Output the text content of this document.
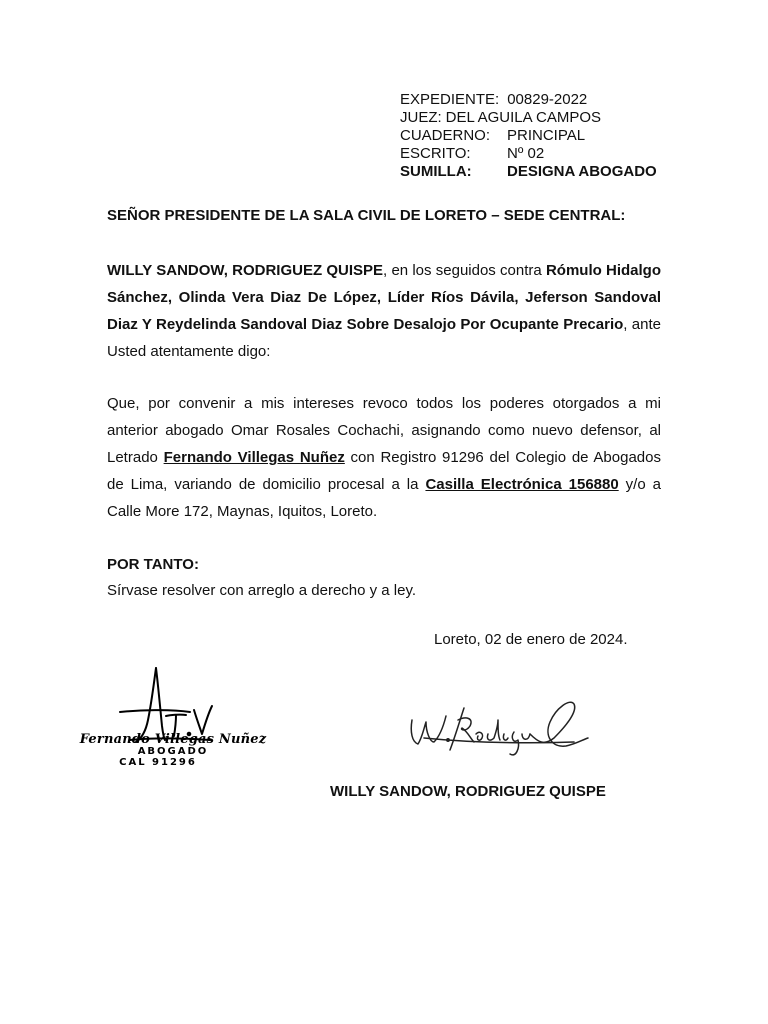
EXPEDIENTE: 00829-2022
JUEZ: DEL AGUILA CAMPOS
CUADERNO:	PRINCIPAL
ESCRITO:	Nº 02
SUMILLA:	DESIGNA ABOGADO
SEÑOR PRESIDENTE DE LA SALA CIVIL DE LORETO – SEDE CENTRAL:
WILLY SANDOW, RODRIGUEZ QUISPE, en los seguidos contra Rómulo Hidalgo Sánchez, Olinda Vera Diaz De López, Líder Ríos Dávila, Jeferson Sandoval Diaz Y Reydelinda Sandoval Diaz Sobre Desalojo Por Ocupante Precario, ante Usted atentamente digo:
Que, por convenir a mis intereses revoco todos los poderes otorgados a mi anterior abogado Omar Rosales Cochachi, asignando como nuevo defensor, al Letrado Fernando Villegas Nuñez con Registro 91296 del Colegio de Abogados de Lima, variando de domicilio procesal a la Casilla Electrónica 156880 y/o a Calle More 172, Maynas, Iquitos, Loreto.
POR TANTO:
Sírvase resolver con arreglo a derecho y a ley.
Loreto, 02 de enero de 2024.
Fernando Villegas Nuñez
ABOGADO
CAL 91296
WILLY SANDOW, RODRIGUEZ QUISPE
